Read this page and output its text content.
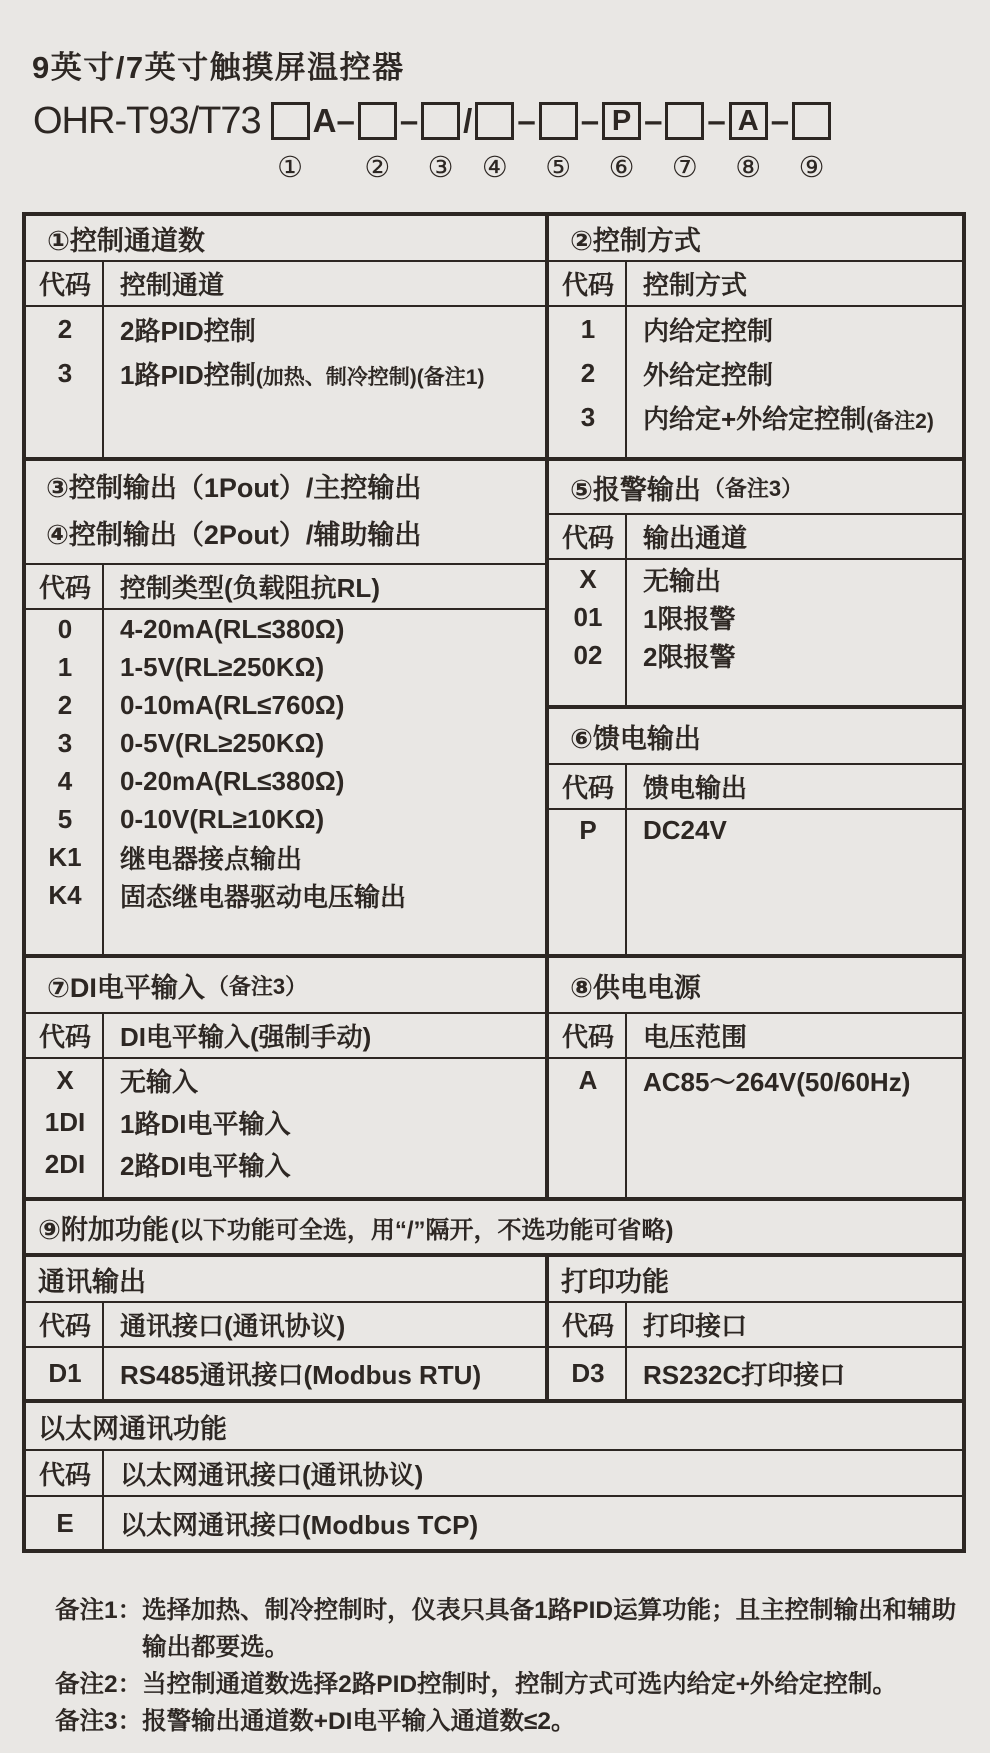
9英寸/7英寸触摸屏温控器
OHR-T93/T73 A–
①
–
②
/
③
–
④
–
⑤
P –
⑥
–
⑦
A –
⑧ ⑨
①控制通道数
代码	控制通道
2	2路PID控制
3	1路PID控制(加热、制冷控制)(备注1)
②控制方式
代码	控制方式
1	内给定控制
2	外给定控制
3	内给定+外给定控制(备注2)
③控制输出（1Pout）/主控输出
④控制输出（2Pout）/辅助输出
代码	控制类型(负载阻抗RL)
0	4-20mA(RL≤380Ω)
1	1-5V(RL≥250KΩ)
2	0-10mA(RL≤760Ω)
3	0-5V(RL≥250KΩ)
4	0-20mA(RL≤380Ω)
5	0-10V(RL≥10KΩ)
K1	继电器接点输出
K4	固态继电器驱动电压输出
⑤报警输出 （备注3）
代码	输出通道
X	无输出
01	1限报警
02	2限报警
⑥馈电输出
代码	馈电输出
P	DC24V
⑦DI电平输入 （备注3）
代码	DI电平输入(强制手动)
X	无输入
1DI	1路DI电平输入
2DI	2路DI电平输入
⑧供电电源
代码	电压范围
A	AC85～264V(50/60Hz)
⑨附加功能 (以下功能可全选，用“/”隔开，不选功能可省略)
通讯输出
代码	通讯接口(通讯协议)
D1	RS485通讯接口(Modbus RTU)
打印功能
代码	打印接口
D3	RS232C打印接口
以太网通讯功能
代码	以太网通讯接口(通讯协议)
E	以太网通讯接口(Modbus TCP)
备注1： 选择加热、制冷控制时，仪表只具备1路PID运算功能；且主控制输出和辅助输出都要选。
备注2： 当控制通道数选择2路PID控制时，控制方式可选内给定+外给定控制。
备注3： 报警输出通道数+DI电平输入通道数≤2。
